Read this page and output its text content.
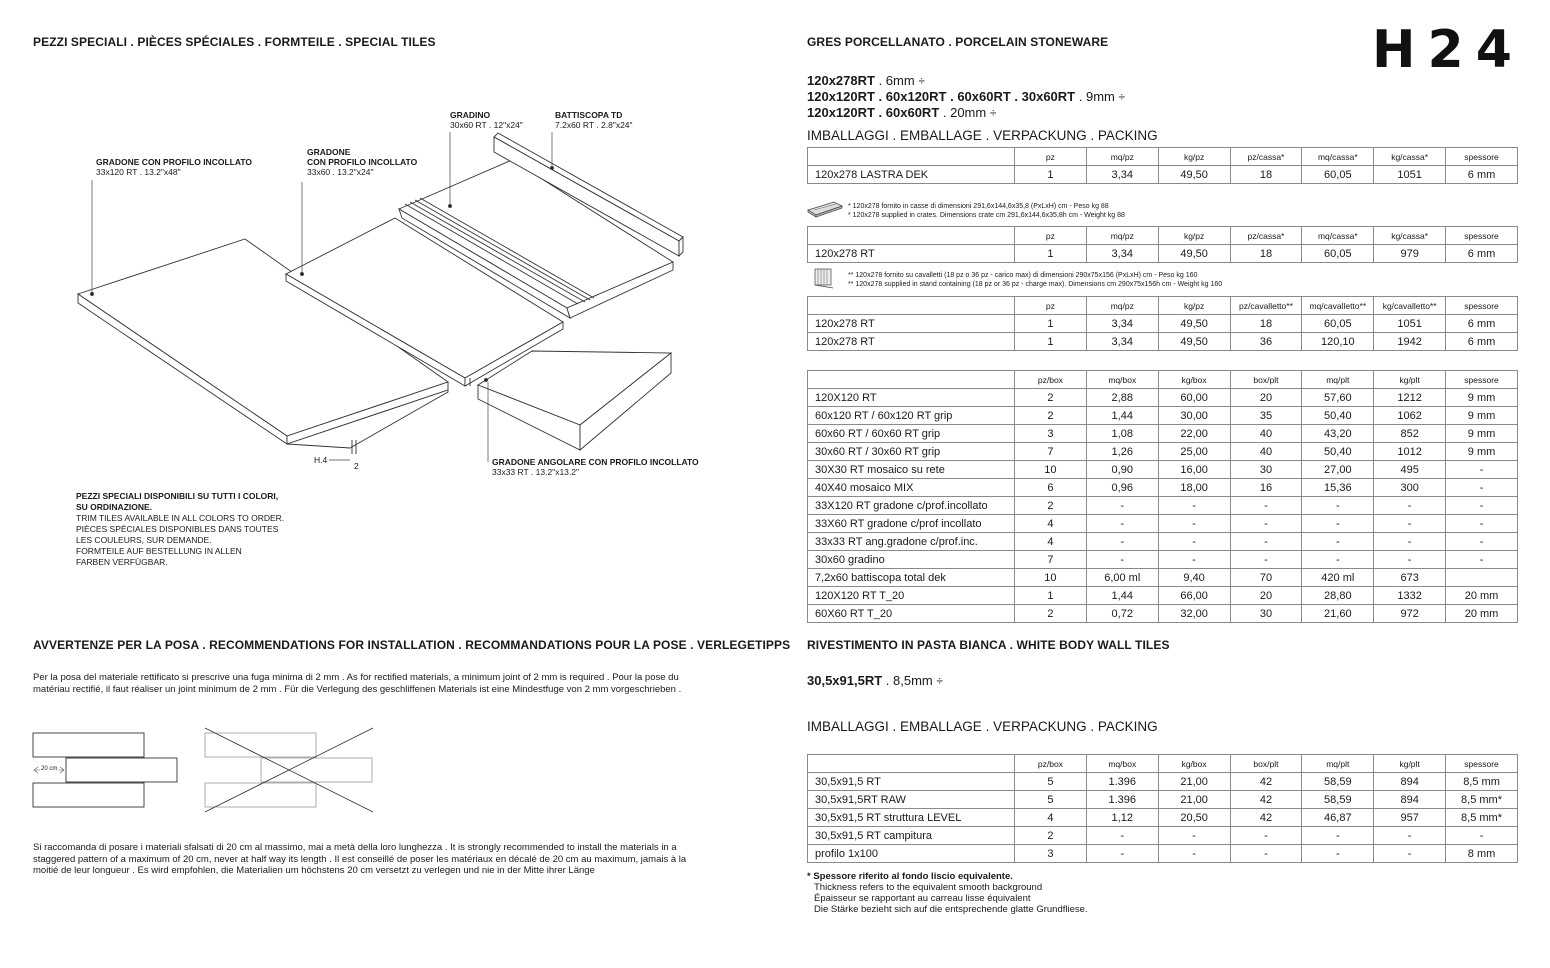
PEZZI SPECIALI . PIÈCES SPÉCIALES . FORMTEILE . SPECIAL TILES
GRADINO
30x60 RT . 12"x24"
BATTISCOPA TD
7.2x60 RT . 2.8"x24"
GRADONE
CON PROFILO INCOLLATO
33x60 . 13.2"x24"
GRADONE CON PROFILO INCOLLATO
33x120 RT . 13.2"x48"
GRADONE ANGOLARE CON PROFILO INCOLLATO
33x33 RT . 13.2"x13.2"
H.4
2
PEZZI SPECIALI DISPONIBILI SU TUTTI I COLORI,
SU ORDINAZIONE.
TRIM TILES AVAILABLE IN ALL COLORS TO ORDER.
PIÈCES SPÉCIALES DISPONIBLES DANS TOUTES
LES COULEURS, SUR DEMANDE.
FORMTEILE AUF BESTELLUNG IN ALLEN
FARBEN VERFÜGBAR.
AVVERTENZE PER LA POSA . RECOMMENDATIONS FOR INSTALLATION . RECOMMANDATIONS POUR LA POSE . VERLEGETIPPS
Per la posa del materiale rettificato si prescrive una fuga minima di 2 mm . As for rectified materials, a minimum joint of 2 mm is required . Pour la pose du matériau rectifié, il faut réaliser un joint minimum de 2 mm . Für die Verlegung des geschliffenen Materials ist eine Mindestfuge von 2 mm vorgeschrieben .
20 cm
Si raccomanda di posare i materiali sfalsati di 20 cm al massimo, mai a metà della loro lunghezza . It is strongly recommended to install the materials in a staggered pattern of a maximum of 20 cm, never at half way its length . Il est conseillé de poser les matériaux en décalé de 20 cm au maximum, jamais à la moitié de leur longueur . Es wird empfohlen, die Materialien um höchstens 20 cm versetzt zu verlegen und nie in der Mitte ihrer Länge
H24
GRES PORCELLANATO . PORCELAIN STONEWARE
120x278RT . 6mm ÷
120x120RT . 60x120RT . 60x60RT . 30x60RT . 9mm ÷
120x120RT . 60x60RT . 20mm ÷
IMBALLAGGI . EMBALLAGE . VERPACKUNG . PACKING
	pz	mq/pz	kg/pz	pz/cassa*	mq/cassa*	kg/cassa*	spessore
120x278 LASTRA DEK	1	3,34	49,50	18	60,05	1051	6 mm
* 120x278 fornito in casse di dimensioni 291,6x144,6x35,8 (PxLxH) cm - Peso kg 88
* 120x278 supplied in crates. Dimensions crate cm 291,6x144,6x35,8h cm - Weight kg 88
	pz	mq/pz	kg/pz	pz/cassa*	mq/cassa*	kg/cassa*	spessore
120x278 RT	1	3,34	49,50	18	60,05	979	6 mm
** 120x278 fornito su cavalletti (18 pz o 36 pz - carico max) di dimensioni 290x75x156 (PxLxH) cm - Peso kg 160
** 120x278 supplied in stand containing (18 pz or 36 pz - charge max). Dimensions cm 290x75x156h cm - Weight kg 160
	pz	mq/pz	kg/pz	pz/cavalletto**	mq/cavalletto**	kg/cavalletto**	spessore
120x278 RT	1	3,34	49,50	18	60,05	1051	6 mm
120x278 RT	1	3,34	49,50	36	120,10	1942	6 mm
	pz/box	mq/box	kg/box	box/plt	mq/plt	kg/plt	spessore
120X120 RT	2	2,88	60,00	20	57,60	1212	9 mm
60x120 RT / 60x120 RT grip	2	1,44	30,00	35	50,40	1062	9 mm
60x60 RT / 60x60 RT grip	3	1,08	22,00	40	43,20	852	9 mm
30x60 RT / 30x60 RT grip	7	1,26	25,00	40	50,40	1012	9 mm
30X30 RT mosaico su rete	10	0,90	16,00	30	27,00	495	-
40X40 mosaico MIX	6	0,96	18,00	16	15,36	300	-
33X120 RT gradone c/prof.incollato	2	-	-	-	-	-	-
33X60 RT gradone c/prof incollato	4	-	-	-	-	-	-
33x33 RT ang.gradone c/prof.inc.	4	-	-	-	-	-	-
30x60 gradino	7	-	-	-	-	-	-
7,2x60 battiscopa total dek	10	6,00 ml	9,40	70	420 ml	673	
120X120 RT T_20	1	1,44	66,00	20	28,80	1332	20 mm
60X60 RT T_20	2	0,72	32,00	30	21,60	972	20 mm
RIVESTIMENTO IN PASTA BIANCA . WHITE BODY WALL TILES
30,5x91,5RT . 8,5mm ÷
IMBALLAGGI . EMBALLAGE . VERPACKUNG . PACKING
	pz/box	mq/box	kg/box	box/plt	mq/plt	kg/plt	spessore
30,5x91,5 RT	5	1.396	21,00	42	58,59	894	8,5 mm
30,5x91,5RT RAW	5	1.396	21,00	42	58,59	894	8,5 mm*
30,5x91,5 RT struttura LEVEL	4	1,12	20,50	42	46,87	957	8,5 mm*
30,5x91,5 RT campitura	2	-	-	-	-	-	-
profilo 1x100	3	-	-	-	-	-	8 mm
* Spessore riferito al fondo liscio equivalente.
Thickness refers to the equivalent smooth background
Épaisseur se rapportant au carreau lisse équivalent
Die Stärke bezieht sich auf die entsprechende glatte Grundfliese.
